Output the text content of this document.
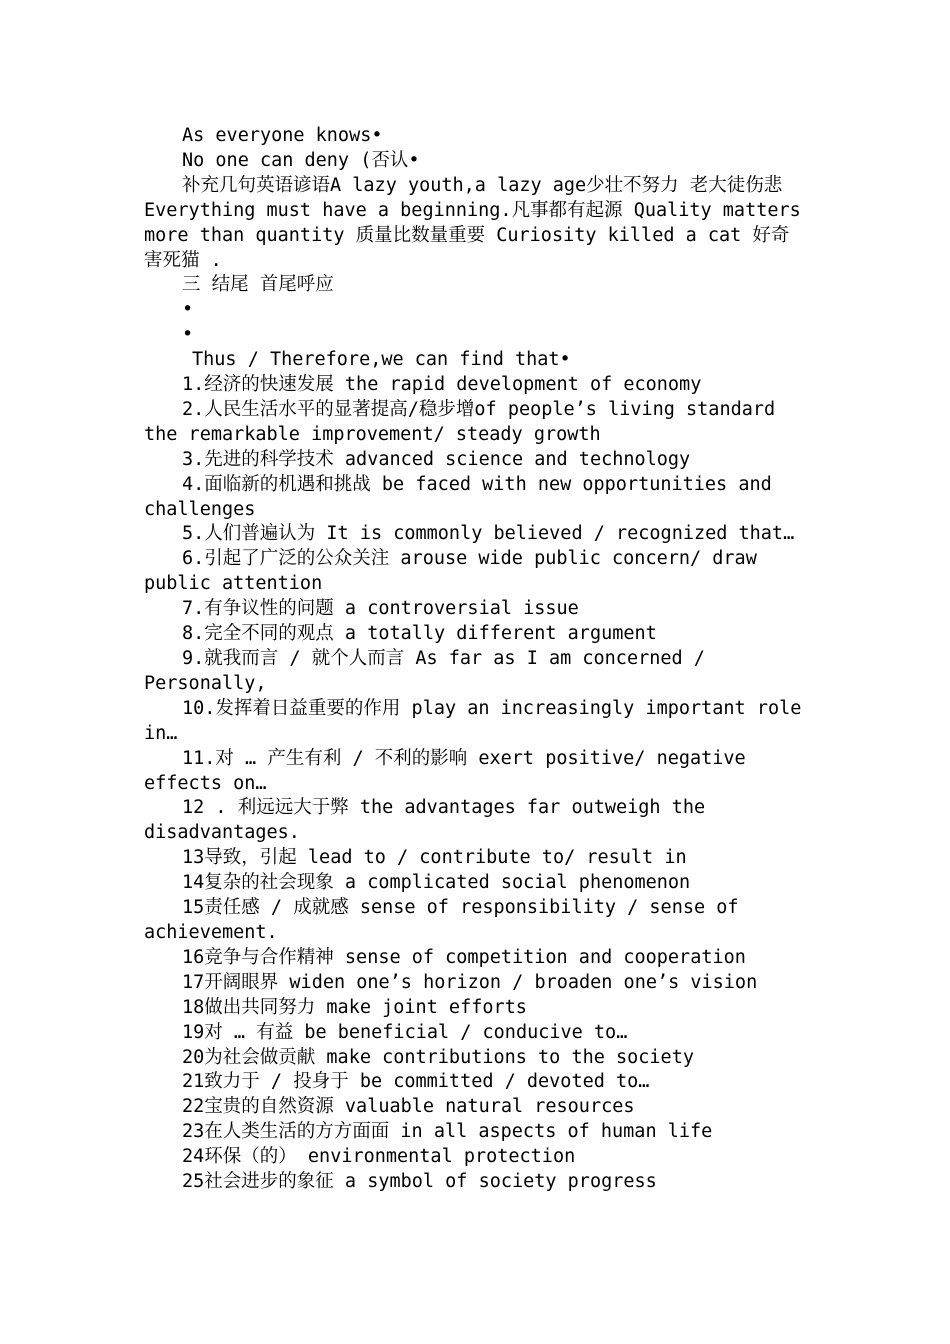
As everyone knows•

No one can deny (否认•

补充几句英语谚语A lazy youth,a lazy age少壮不努力 老大徒伤悲Everything must have a beginning.凡事都有起源 Quality matters more than quantity 质量比数量重要 Curiosity killed a cat 好奇害死猫 .

三 结尾 首尾呼应

•

•

Thus / Therefore,we can find that•

1.经济的快速发展 the rapid development of economy

2.人民生活水平的显著提高/稳步增of people’s living standard the remarkable improvement/ steady growth

3.先进的科学技术 advanced science and technology

4.面临新的机遇和挑战 be faced with new opportunities and challenges

5.人们普遍认为 It is commonly believed / recognized that…

6.引起了广泛的公众关注 arouse wide public concern/ draw public attention

7.有争议性的问题 a controversial issue

8.完全不同的观点 a totally different argument

9.就我而言 / 就个人而言 As far as I am concerned / Personally,

10.发挥着日益重要的作用 play an increasingly important role in…

11.对 … 产生有利 / 不利的影响 exert positive/ negative effects on…

12 . 利远远大于弊 the advantages far outweigh the disadvantages.

13导致，引起 lead to / contribute to/ result in

14复杂的社会现象 a complicated social phenomenon

15责任感 / 成就感 sense of responsibility / sense of achievement.

16竞争与合作精神 sense of competition and cooperation

17开阔眼界 widen one’s horizon / broaden one’s vision

18做出共同努力 make joint efforts

19对 … 有益 be beneficial / conducive to…

20为社会做贡献 make contributions to the society

21致力于 / 投身于 be committed / devoted to…

22宝贵的自然资源 valuable natural resources

23在人类生活的方方面面 in all aspects of human life

24环保（的） environmental protection

25社会进步的象征 a symbol of society progress
